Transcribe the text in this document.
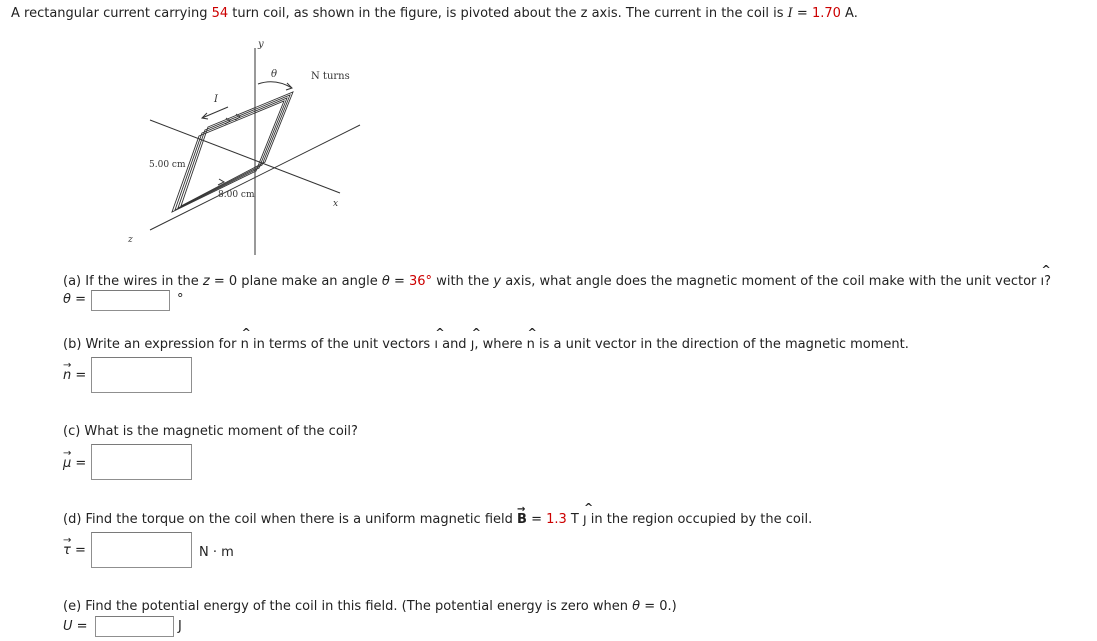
A rectangular current carrying 54 turn coil, as shown in the figure, is pivoted about the z axis. The current in the coil is I = 1.70 A.
y
θ	N turns
I
5.00 cm
8.00 cm
x
z
(a) If the wires in the z = 0 plane make an angle θ = 36° with the y axis, what angle does the magnetic moment of the coil make with the unit vector
^
ı?
θ =	°
(b) Write an expression for
^
n in terms of the unit vectors
^
ı and
^
ȷ, where
^
n is a unit vector in the direction of the magnetic moment.
→
n =
(c) What is the magnetic moment of the coil?
→
μ =
(d) Find the torque on the coil when there is a uniform magnetic field
→
B = 1.3 T
^
ȷ in the region occupied by the coil.
→
τ =	N · m
(e) Find the potential energy of the coil in this field. (The potential energy is zero when θ = 0.)
U =	J
